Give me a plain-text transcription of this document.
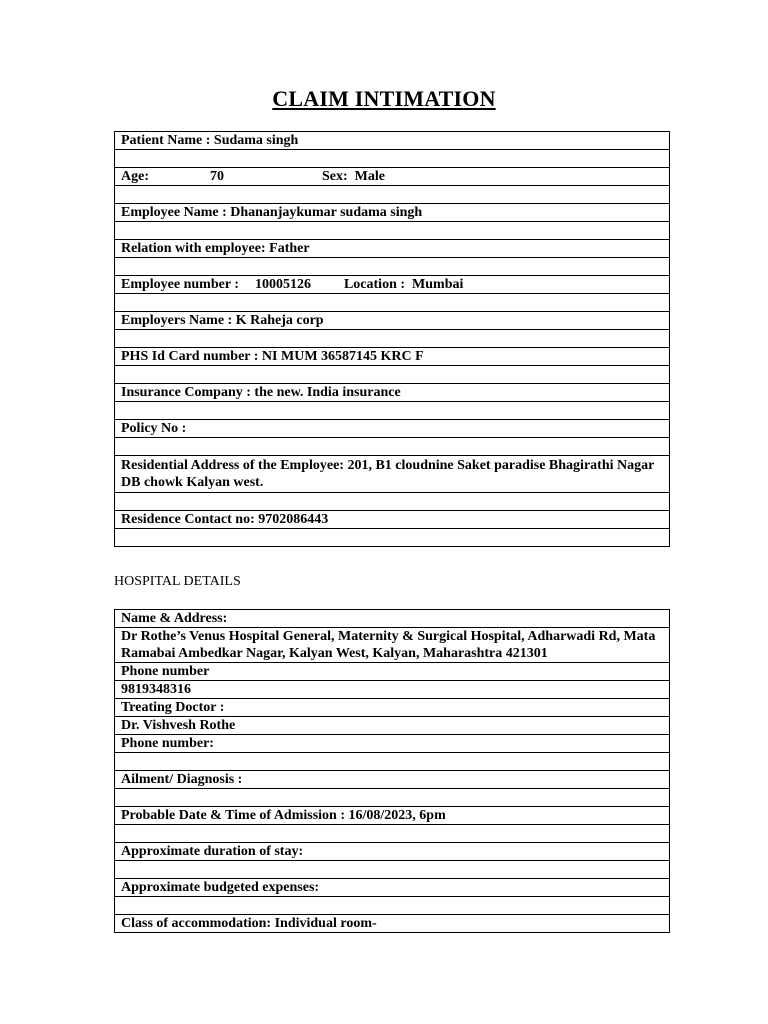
CLAIM INTIMATION
Patient Name : Sudama singh

Age:	70	Sex: Male

Employee Name : Dhananjaykumar sudama singh

Relation with employee: Father

Employee number : 10005126 Location : Mumbai

Employers Name : K Raheja corp

PHS Id Card number : NI MUM 36587145 KRC F

Insurance Company : the new. India insurance

Policy No :

Residential Address of the Employee: 201, B1 cloudnine Saket paradise Bhagirathi Nagar DB chowk Kalyan west.

Residence Contact no: 9702086443

HOSPITAL DETAILS
Name & Address:
Dr Rothe’s Venus Hospital General, Maternity & Surgical Hospital, Adharwadi Rd, Mata Ramabai Ambedkar Nagar, Kalyan West, Kalyan, Maharashtra 421301
Phone number
9819348316
Treating Doctor :
Dr. Vishvesh Rothe
Phone number:

Ailment/ Diagnosis :

Probable Date & Time of Admission : 16/08/2023, 6pm

Approximate duration of stay:

Approximate budgeted expenses:

Class of accommodation: Individual room-
